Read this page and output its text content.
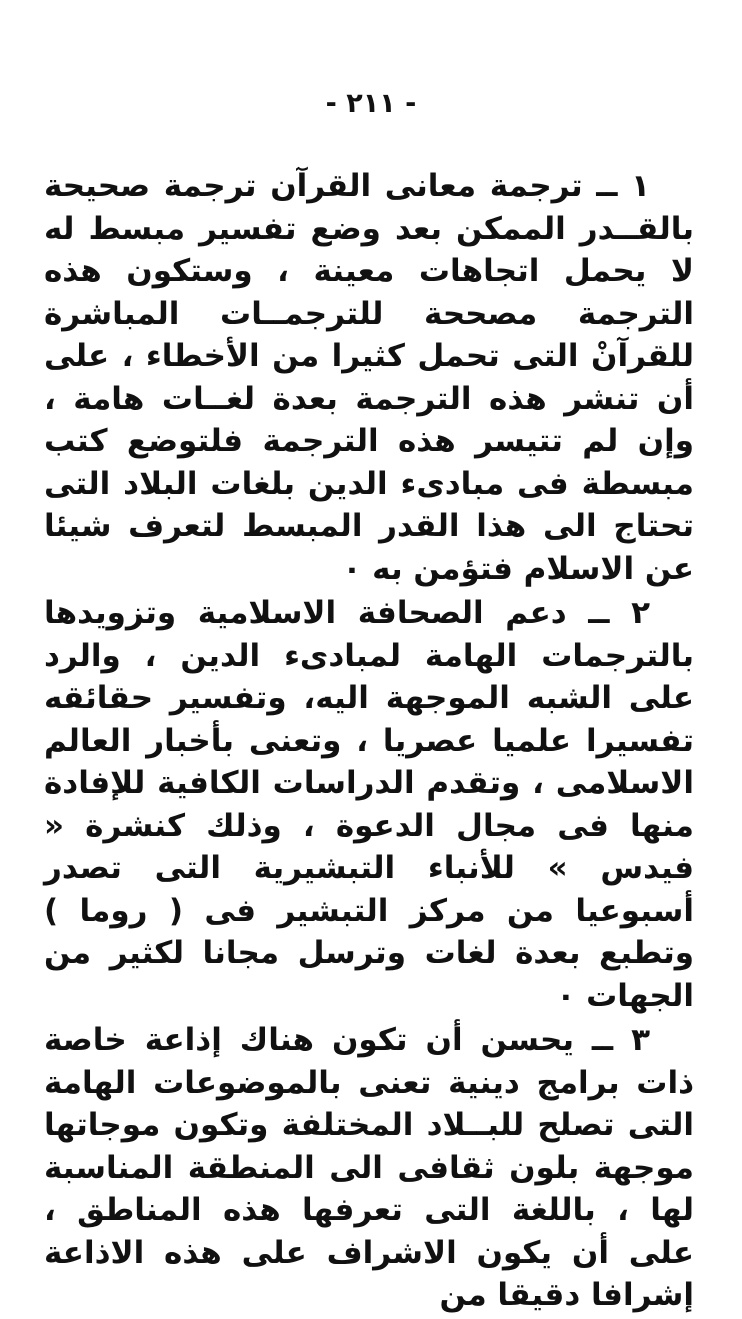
- ٢١١ -

١ ــ ترجمة معانى القرآن ترجمة صحيحة بالقــدر الممكن بعد وضع تفسير مبسط له لا يحمل اتجاهات معينة ، وستكون هذه الترجمة مصححة للترجمــات المباشرة للقرآنْ التى تحمل كثيرا من الأخطاء ، على أن تنشر هذه الترجمة بعدة لغــات هامة ، وإن لم تتيسر هذه الترجمة فلتوضع كتب مبسطة فى مبادىء الدين بلغات البلاد التى تحتاج الى هذا القدر المبسط لتعرف شيئا عن الاسلام فتؤمن به ٠

٢ ــ دعم الصحافة الاسلامية وتزويدها بالترجمات الهامة لمبادىء الدين ، والرد على الشبه الموجهة اليه، وتفسير حقائقه تفسيرا علميا عصريا ، وتعنى بأخبار العالم الاسلامى ، وتقدم الدراسات الكافية للإفادة منها فى مجال الدعوة ، وذلك كنشرة « فيدس » للأنباء التبشيرية التى تصدر أسبوعيا من مركز التبشير فى ( روما ) وتطبع بعدة لغات وترسل مجانا لكثير من الجهات ٠

٣ ــ يحسن أن تكون هناك إذاعة خاصة ذات برامج دينية تعنى بالموضوعات الهامة التى تصلح للبــلاد المختلفة وتكون موجاتها موجهة بلون ثقافى الى المنطقة المناسبة لها ، باللغة التى تعرفها هذه المناطق ، على أن يكون الاشراف على هذه الاذاعة إشرافا دقيقا من
